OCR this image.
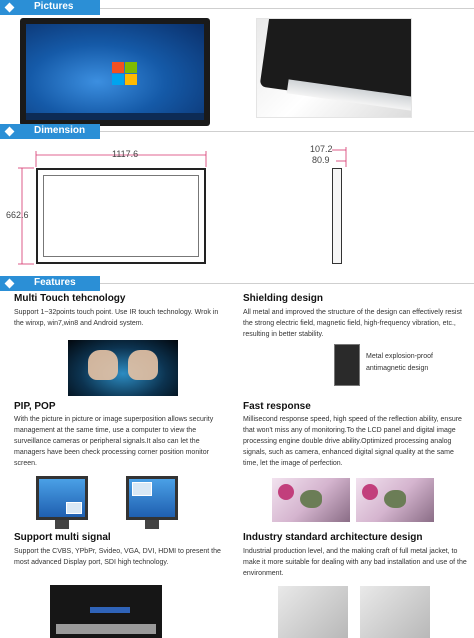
Pictures
Dimension
1117.6
662.6
107.2
80.9
Features
Multi Touch tehcnology
Support 1~32points touch point. Use IR touch technology. Wrok in the winxp, win7,win8 and Android system.
Shielding design
All metal and improved the structure of the design can effectively resist the strong electric field, magnetic field, high-frequency vibration, etc., resulting in better stability.
Metal explosion-proof
antimagnetic design
PIP, POP
With the picture in picture or image superposition allows security management at the same time, use a computer to view the surveillance cameras or peripheral signals.It also can let the managers have been check processing corner position monitor screen.
Fast response
Millisecond response speed, high speed of the reflection ability, ensure that won't miss any of monitoring.To the LCD panel and digital image processing engine double drive ability.Optimized processing analog signals, such as camera, enhanced digital signal quality at the same time, let the image of perfection.
Support multi signal
Support the CVBS, YPbPr, Svideo, VGA, DVI, HDMI to present the most advanced Display port, SDI high technology.
Industry standard architecture design
Industrial production level, and the making craft of full metal jacket, to make it more suitable for dealing with any bad installation and use of the environment.
